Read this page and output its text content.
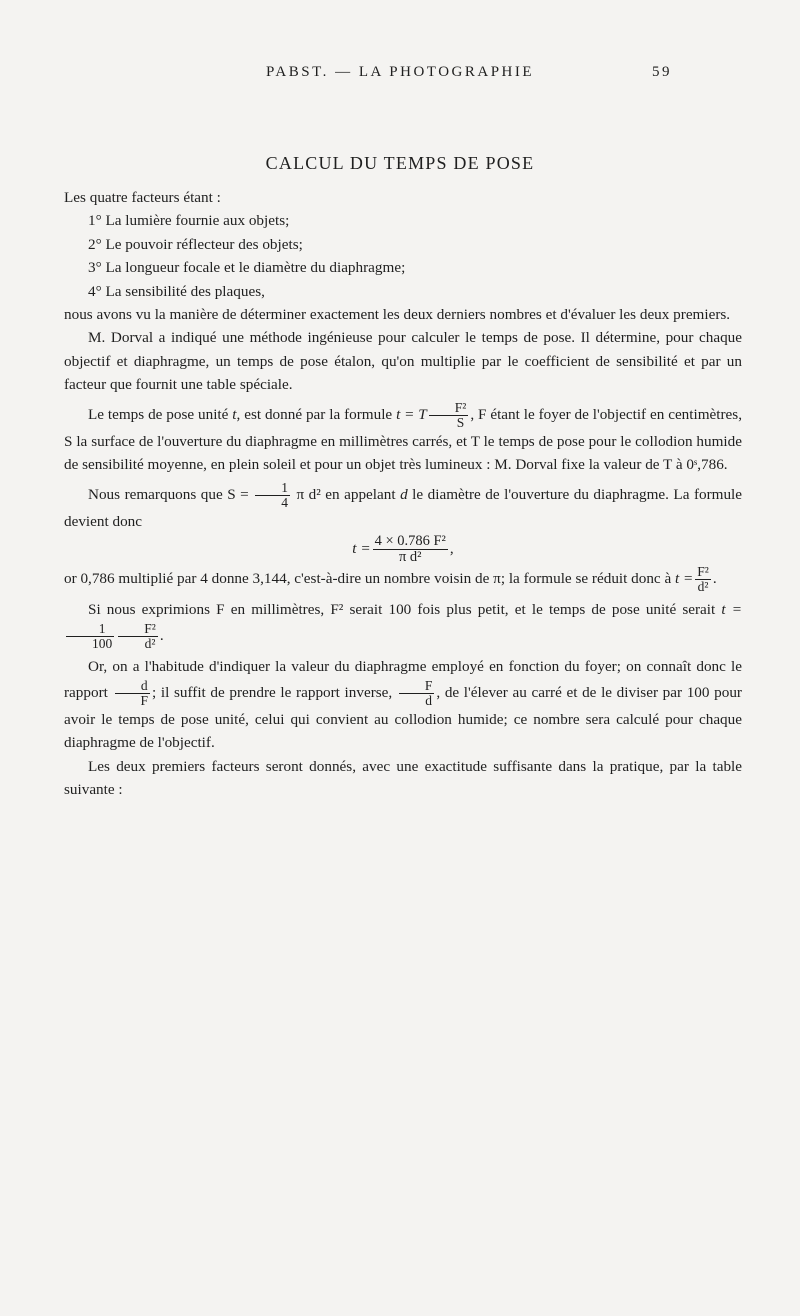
PABST. — LA PHOTOGRAPHIE	59
CALCUL DU TEMPS DE POSE

Les quatre facteurs étant :

1° La lumière fournie aux objets;

2° Le pouvoir réflecteur des objets;

3° La longueur focale et le diamètre du diaphragme;

4° La sensibilité des plaques,

nous avons vu la manière de déterminer exactement les deux derniers nombres et d'évaluer les deux premiers.

M. Dorval a indiqué une méthode ingénieuse pour calculer le temps de pose. Il détermine, pour chaque objectif et diaphragme, un temps de pose étalon, qu'on multiplie par le coefficient de sensibilité et par un facteur que fournit une table spéciale.

Le temps de pose unité t, est donné par la formule t = T $\frac{\text{F²}}{S}$ , F étant le foyer de l'objectif en centimètres, S la surface de l'ouverture du diaphragme en millimètres carrés, et T le temps de pose pour le collodion humide de sensibilité moyenne, en plein soleil et pour un objet très lumineux : M. Dorval fixe la valeur de T à 0ˢ,786.

Nous remarquons que $S = \frac{1}{4}$ π d² en appelant d le diamètre de l'ouverture du diaphragme. La formule devient donc

$t = \frac{\text{4 × 0.786 F²}}{\text{π d²}}$ ,

or 0,786 multiplié par 4 donne 3,144, c'est-à-dire un nombre voisin de π; la formule se réduit donc à $t = \frac{\text{F²}}{\text{d²}}$ .

Si nous exprimions F en millimètres, F² serait 100 fois plus petit, et le temps de pose unité serait t =
$\frac{1}{100} \frac{\text{F²}}{\text{d²}}$ .

Or, on a l'habitude d'indiquer la valeur du diaphragme employé en fonction du foyer; on connaît donc le rapport $\frac{d}{F}$ ; il suffit de prendre le rapport inverse, $\frac{F}{d}$ , de l'élever au carré et de le diviser par 100 pour avoir le temps de pose unité, celui qui convient au collodion humide; ce nombre sera calculé pour chaque diaphragme de l'objectif.

Les deux premiers facteurs seront donnés, avec une exactitude suffisante dans la pratique, par la table suivante :
